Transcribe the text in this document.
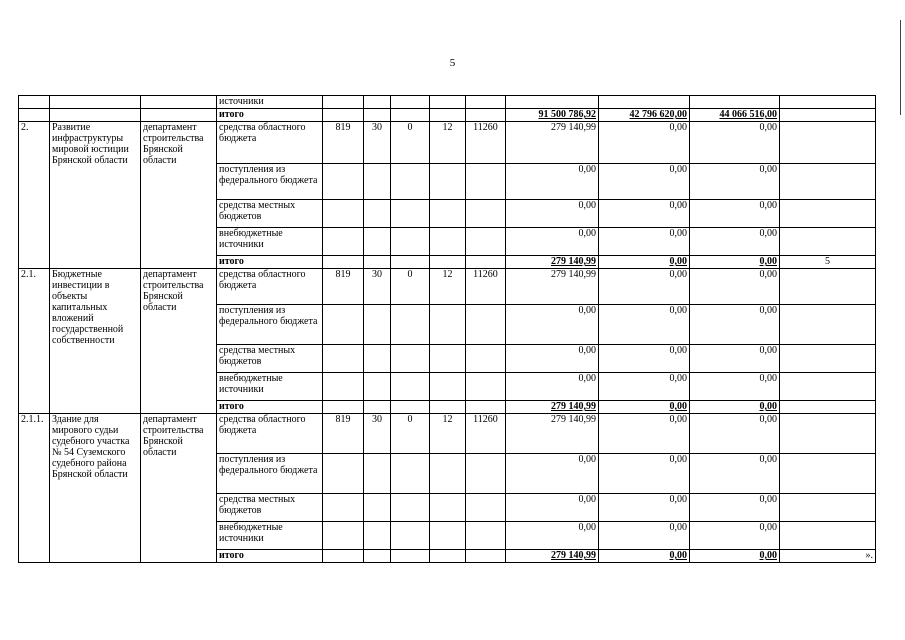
5
			источники									
			итого						91 500 786,92	42 796 620,00	44 066 516,00	
2.	Развитие инфраструктуры мировой юстиции Брянской области	департамент строительства Брянской области	средства областного бюджета	819	30	0	12	11260	279 140,99	0,00	0,00	
			поступления из федерального бюджета						0,00	0,00	0,00	
			средства местных бюджетов						0,00	0,00	0,00	
			внебюджетные источники						0,00	0,00	0,00	
			итого						279 140,99	0,00	0,00	5
2.1.	Бюджетные инвестиции в объекты капитальных вложений государственной собственности	департамент строительства Брянской области	средства областного бюджета	819	30	0	12	11260	279 140,99	0,00	0,00	
			поступления из федерального бюджета						0,00	0,00	0,00	
			средства местных бюджетов						0,00	0,00	0,00	
			внебюджетные источники						0,00	0,00	0,00	
			итого						279 140,99	0,00	0,00	
2.1.1.	Здание для мирового судьи судебного участка № 54 Суземского судебного района Брянской области	департамент строительства Брянской области	средства областного бюджета	819	30	0	12	11260	279 140,99	0,00	0,00	
			поступления из федерального бюджета						0,00	0,00	0,00	
			средства местных бюджетов						0,00	0,00	0,00	
			внебюджетные источники						0,00	0,00	0,00	
			итого						279 140,99	0,00	0,00	».
